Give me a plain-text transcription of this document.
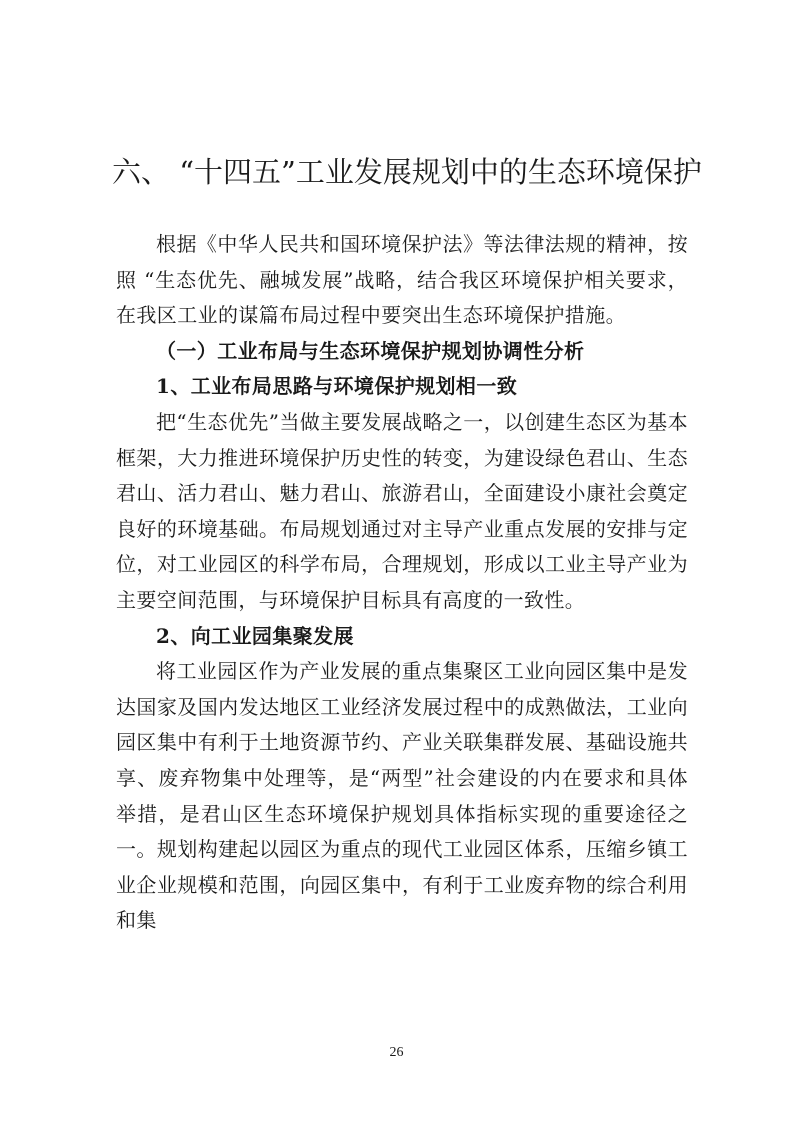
六、 “十四五”工业发展规划中的生态环境保护

根据《中华人民共和国环境保护法》等法律法规的精神，按照 “生态优先、融城发展”战略，结合我区环境保护相关要求，在我区工业的谋篇布局过程中要突出生态环境保护措施。

（一）工业布局与生态环境保护规划协调性分析

1、工业布局思路与环境保护规划相一致

把“生态优先”当做主要发展战略之一，以创建生态区为基本框架，大力推进环境保护历史性的转变，为建设绿色君山、生态君山、活力君山、魅力君山、旅游君山，全面建设小康社会奠定良好的环境基础。布局规划通过对主导产业重点发展的安排与定位，对工业园区的科学布局，合理规划，形成以工业主导产业为主要空间范围，与环境保护目标具有高度的一致性。

2、向工业园集聚发展

将工业园区作为产业发展的重点集聚区工业向园区集中是发达国家及国内发达地区工业经济发展过程中的成熟做法，工业向园区集中有利于土地资源节约、产业关联集群发展、基础设施共享、废弃物集中处理等，是“两型”社会建设的内在要求和具体举措，是君山区生态环境保护规划具体指标实现的重要途径之一。规划构建起以园区为重点的现代工业园区体系，压缩乡镇工业企业规模和范围，向园区集中，有利于工业废弃物的综合利用和集

26
